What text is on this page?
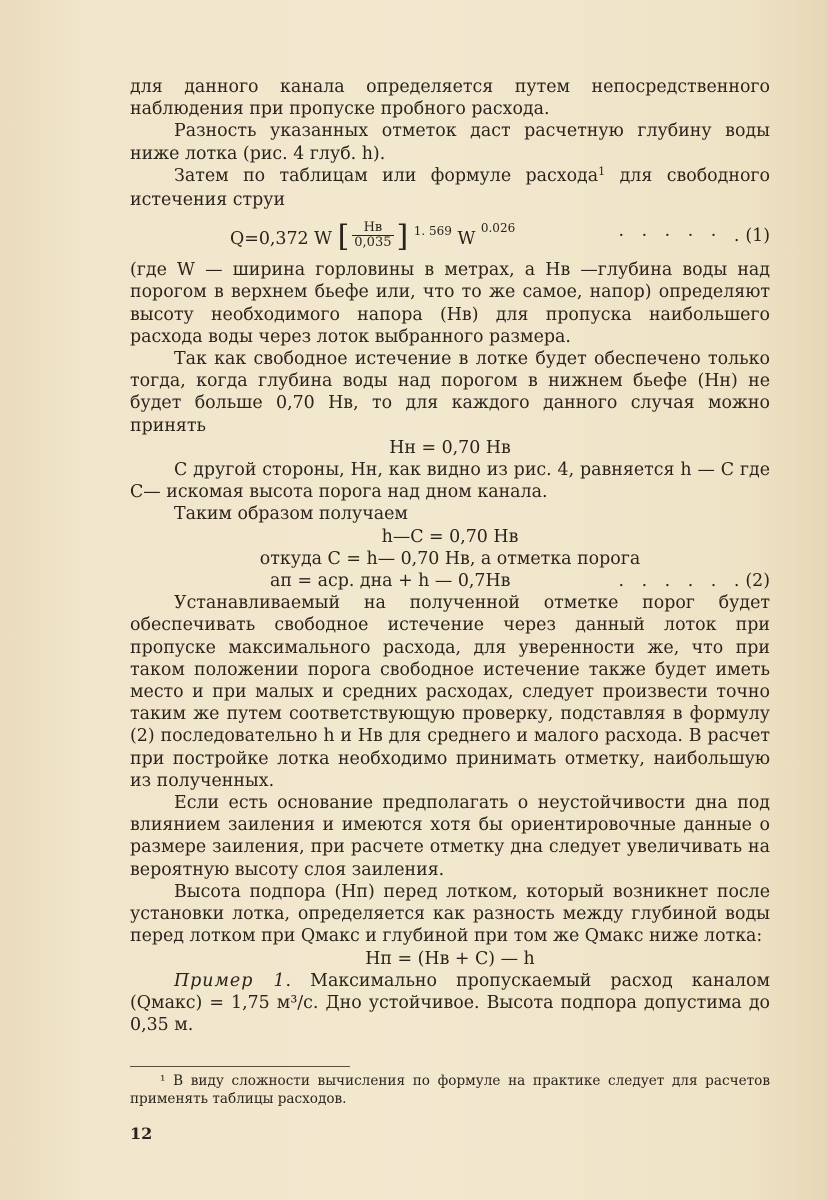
для данного канала определяется путем непосредственного наблюдения при пропуске пробного расхода.

Разность указанных отметок даст расчетную глубину воды ниже лотка (рис. 4 глуб. h).

Затем по таблицам или формуле расхода$^1$ для свободного истечения струи

Q=0,372 W [ $\frac{Hв}{0,035}$ ] $^{1. 569}$ W $^{0.026}$	· · · · · .(1)

(где W — ширина горловины в метрах, а Hв —глубина воды над порогом в верхнем бьефе или, что то же самое, напор) определяют высоту необходимого напора (Hв) для пропуска наибольшего расхода воды через лоток выбранного размера.

Так как свободное истечение в лотке будет обеспечено только тогда, когда глубина воды над порогом в нижнем бьефе (Hн) не будет больше 0,70 Hв, то для каждого данного случая можно принять

Hн = 0,70 Hв

С другой стороны, Hн, как видно из рис. 4, равняется h — C где C— искомая высота порога над дном канала.

Таким образом получаем

h—C = 0,70 Hв

откуда C = h— 0,70 Hв, а отметка порога

aп = aср. дна + h — 0,7Hв	. . . . . .(2)

Устанавливаемый на полученной отметке порог будет обеспечивать свободное истечение через данный лоток при пропуске максимального расхода, для уверенности же, что при таком положении порога свободное истечение также будет иметь место и при малых и средних расходах, следует произвести точно таким же путем соответствующую проверку, подставляя в формулу (2) последовательно h и Hв для среднего и малого расхода. В расчет при постройке лотка необходимо принимать отметку, наибольшую из полученных.

Если есть основание предполагать о неустойчивости дна под влиянием заиления и имеются хотя бы ориентировочные данные о размере заиления, при расчете отметку дна следует увеличивать на вероятную высоту слоя заиления.

Высота подпора (Hп) перед лотком, который возникнет после установки лотка, определяется как разность между глубиной воды перед лотком при Qмакс и глубиной при том же Qмакс ниже лотка:

Hп = (Hв + C) — h

Пример 1. Максимально пропускаемый расход каналом (Qмакс) = 1,75 м³/с. Дно устойчивое. Высота подпора допустима до 0,35 м.

¹ В виду сложности вычисления по формуле на практике следует для расчетов применять таблицы расходов.
12
